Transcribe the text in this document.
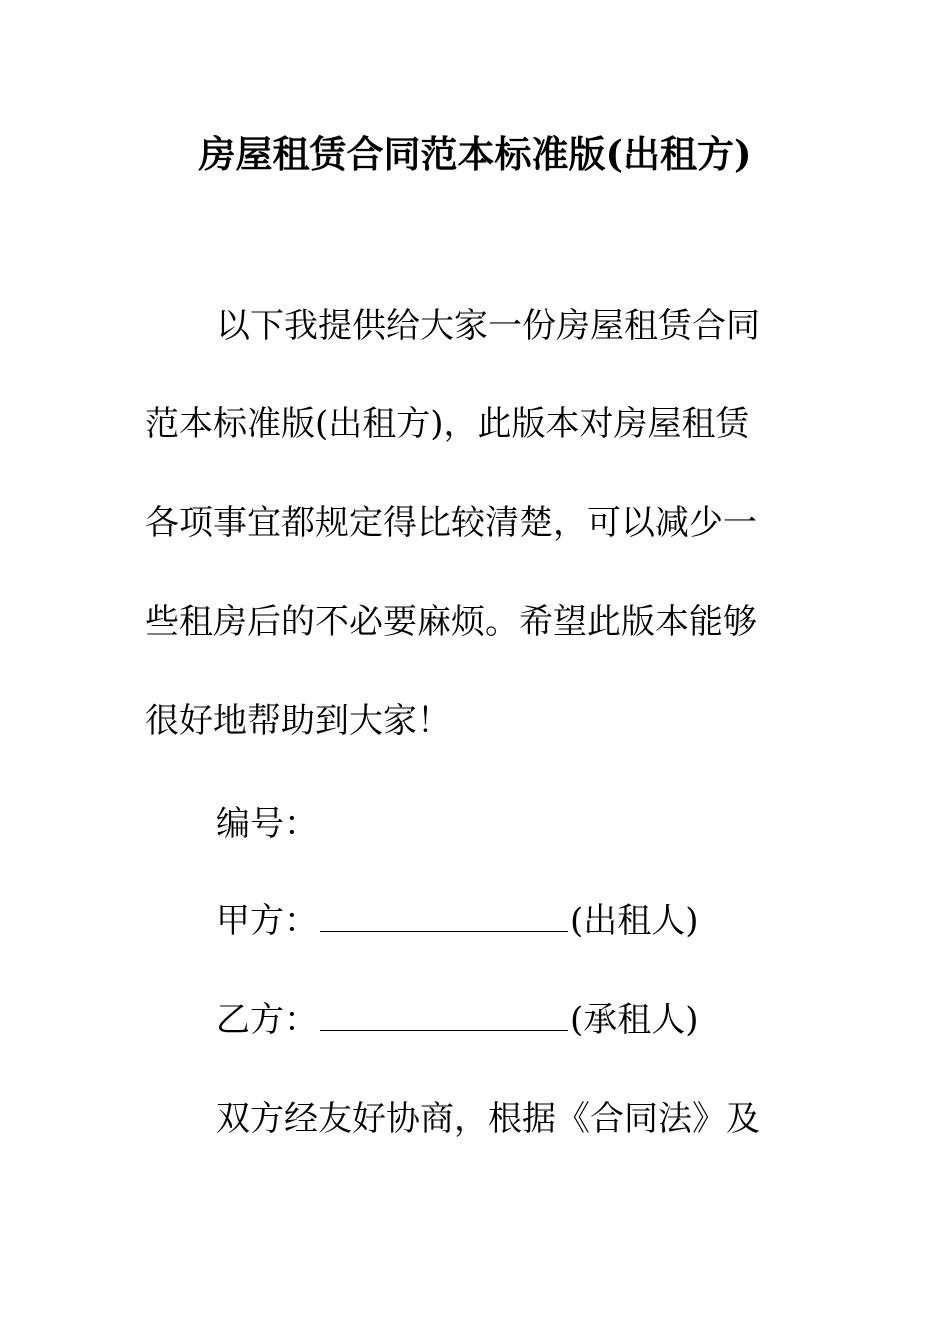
房屋租赁合同范本标准版(出租方)
以下我提供给大家一份房屋租赁合同
范本标准版(出租方)，此版本对房屋租赁
各项事宜都规定得比较清楚，可以减少一
些租房后的不必要麻烦。希望此版本能够
很好地帮助到大家！
编号：
甲方：	(出租人)
乙方：	(承租人)
双方经友好协商，根据《合同法》及
